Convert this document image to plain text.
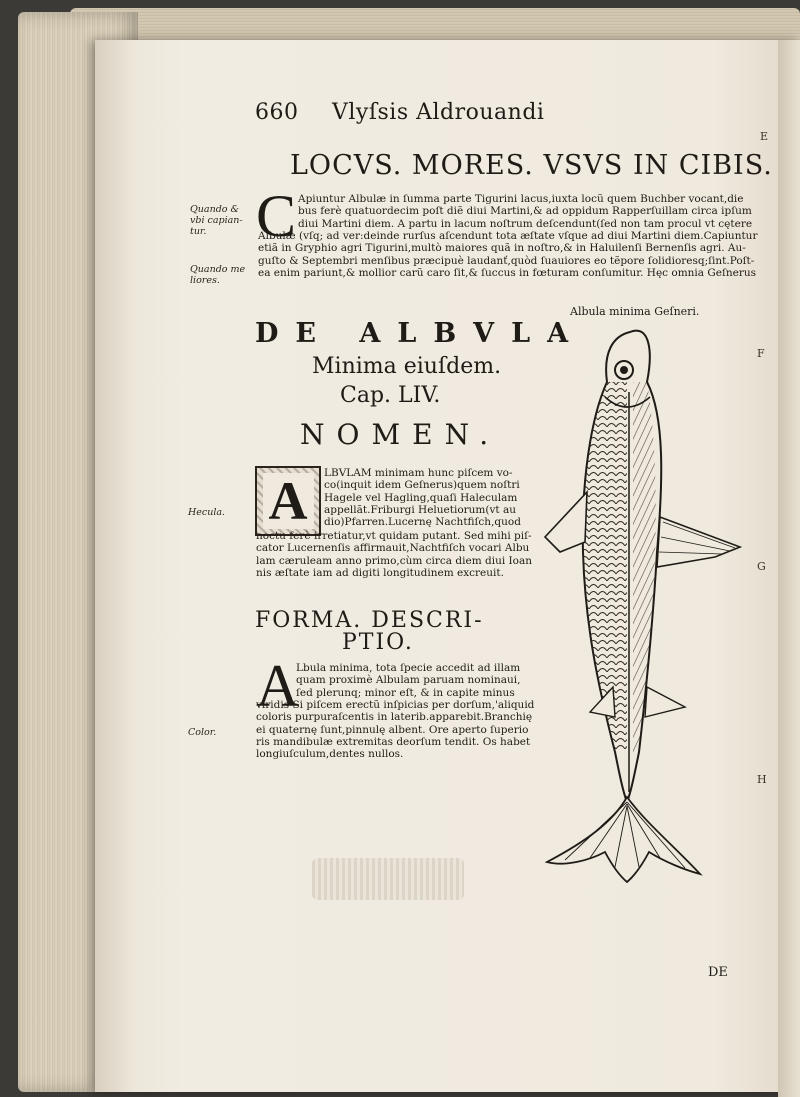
660 Vlyſsis Aldrouandi
LOCVS. MORES. VSVS IN CIBIS.
Quando &
vbi capian-
tur.
Quando me
liores.
C Apiuntur Albulæ in ſumma parte Tigurini lacus,iuxta locũ quem Buchber vocant,die
bus ferè quatuordecim poſt diẽ diui Martini,& ad oppidum Rapperſuillam circa ipſum
diui Martini diem. A partu in lacum noſtrum deſcendunt(ſed non tam procul vt cętere
Albulæ (vſq; ad ver:deinde rurſus aſcendunt tota æſtate vſque ad diui Martini diem.Capiuntur
etiã in Gryphio agri Tigurini,multò maiores quã in noſtro,& in Haluilenſi Bernenſis agri. Au-
guſto & Septembri menſibus præcipuè laudanť,quòd ſuauiores eo tẽpore ſolidioresq;ſint.Poſt-
ea enim pariunt,& mollior carũ caro ſit,& ſuccus in fœturam conſumitur. Hęc omnia Geſnerus
DE ALBVLA
Minima eiuſdem.
Cap. LIV.
NOMEN.
Hecula. A	LBVLAM minimam hunc piſcem vo-
co(inquit idem Geſnerus)quem noſtri
Hagele vel Hagling,quaſi Haleculam
appellãt.Friburgi Heluetiorum(vt au
dio)Pfarren.Lucernę Nachtfiſch,quod
noctu ferè irretiatur,vt quidam putant. Sed mihi piſ-
cator Lucernenſis affirmauit,Nachtfiſch vocari Albu
lam cæruleam anno primo,cùm circa diem diui Ioan
nis æſtate iam ad digiti longitudinem excreuit.
FORMA. DESCRI-
PTIO.
Color.
A
Lbula minima, tota ſpecie accedit ad illam
quam proximè Albulam paruam nominaui,
ſed plerunq; minor eſt, & in capite minus
viridis Si piſcem erectũ inſpicias per dorſum,'aliquid
coloris purpuraſcentis in laterib.apparebit.Branchię
ei quaternę ſunt,pinnulę albent. Ore aperto ſuperio
ris mandibulæ extremitas deorſum tendit. Os habet
longiuſculum,dentes nullos.
Albula minima Geſneri.
E
F
G
H
DE
